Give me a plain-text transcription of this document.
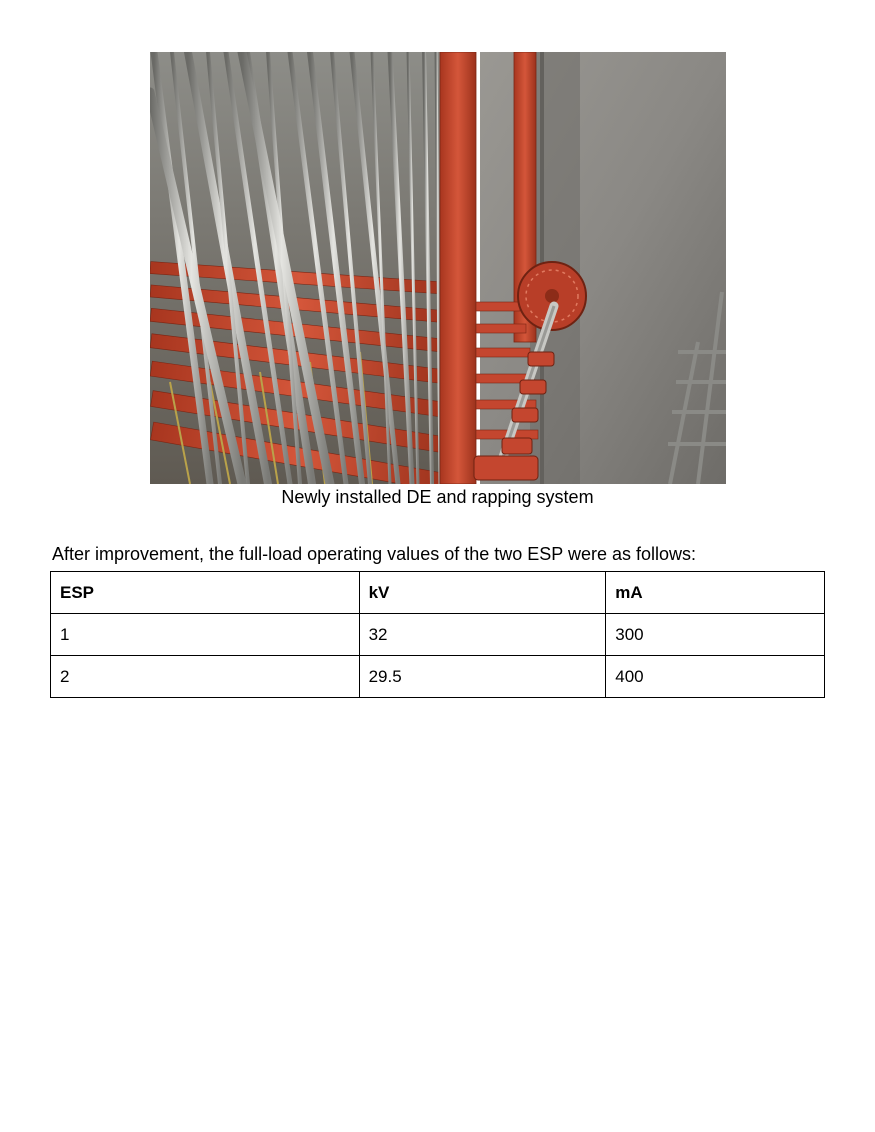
Newly installed DE and rapping system
After improvement, the full-load operating values of the two ESP were as follows:
ESP	kV	mA
1	32	300
2	29.5	400
